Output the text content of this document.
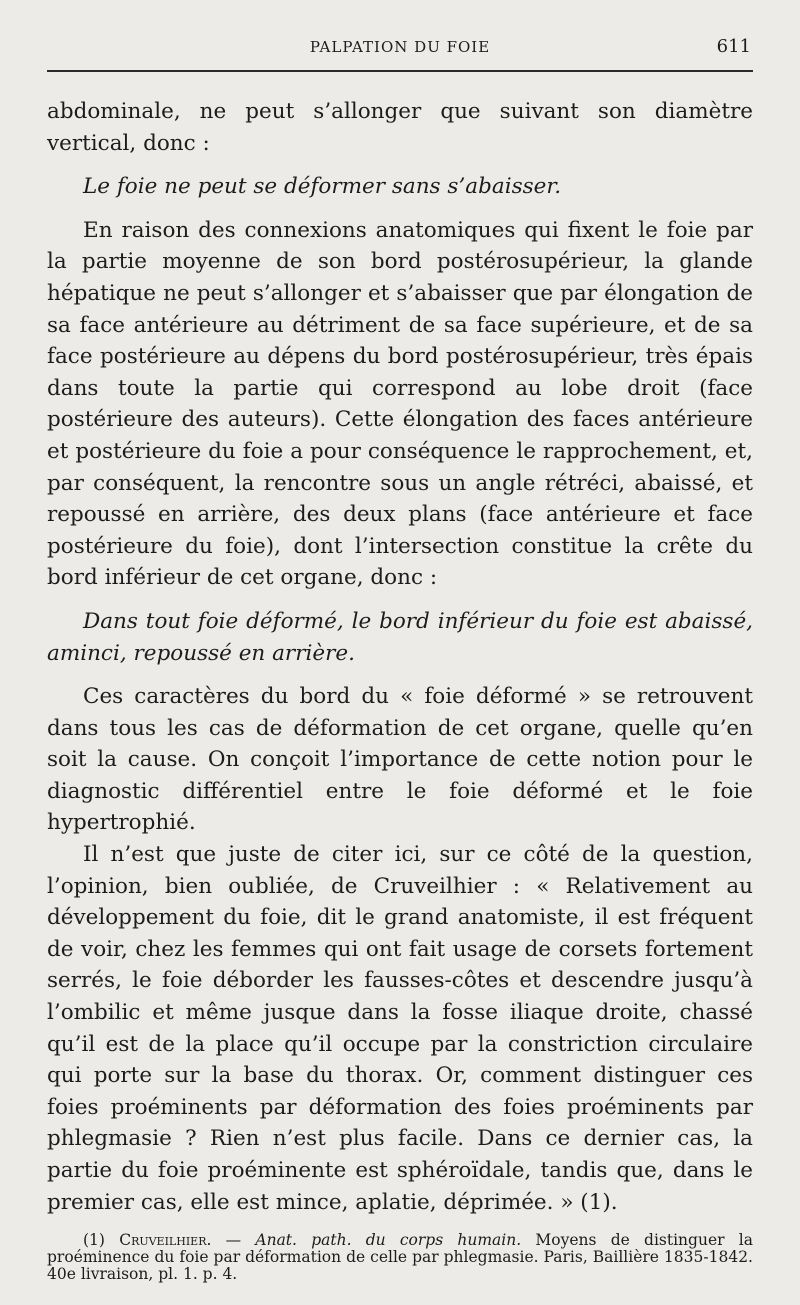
PALPATION DU FOIE	611

abdominale, ne peut s’allonger que suivant son diamètre vertical, donc :

Le foie ne peut se déformer sans s’abaisser.

En raison des connexions anatomiques qui fixent le foie par la partie moyenne de son bord postérosupérieur, la glande hépatique ne peut s’allonger et s’abaisser que par élongation de sa face antérieure au détriment de sa face supérieure, et de sa face postérieure au dépens du bord postérosupérieur, très épais dans toute la partie qui correspond au lobe droit (face postérieure des auteurs). Cette élongation des faces antérieure et postérieure du foie a pour conséquence le rapprochement, et, par conséquent, la rencontre sous un angle rétréci, abaissé, et repoussé en arrière, des deux plans (face antérieure et face postérieure du foie), dont l’intersection constitue la crête du bord inférieur de cet organe, donc :

Dans tout foie déformé, le bord inférieur du foie est abaissé, aminci, repoussé en arrière.

Ces caractères du bord du « foie déformé » se retrouvent dans tous les cas de déformation de cet organe, quelle qu’en soit la cause. On conçoit l’importance de cette notion pour le diagnostic différentiel entre le foie déformé et le foie hypertrophié.

Il n’est que juste de citer ici, sur ce côté de la question, l’opinion, bien oubliée, de Cruveilhier : « Relativement au développement du foie, dit le grand anatomiste, il est fréquent de voir, chez les femmes qui ont fait usage de corsets fortement serrés, le foie déborder les fausses-côtes et descendre jusqu’à l’ombilic et même jusque dans la fosse iliaque droite, chassé qu’il est de la place qu’il occupe par la constriction circulaire qui porte sur la base du thorax. Or, comment distinguer ces foies proéminents par déformation des foies proéminents par phlegmasie ? Rien n’est plus facile. Dans ce dernier cas, la partie du foie proéminente est sphéroïdale, tandis que, dans le premier cas, elle est mince, aplatie, déprimée. » (1).

(1) Cruveilhier. — Anat. path. du corps humain. Moyens de distinguer la proéminence du foie par déformation de celle par phlegmasie. Paris, Baillière 1835-1842. 40e livraison, pl. 1. p. 4.
